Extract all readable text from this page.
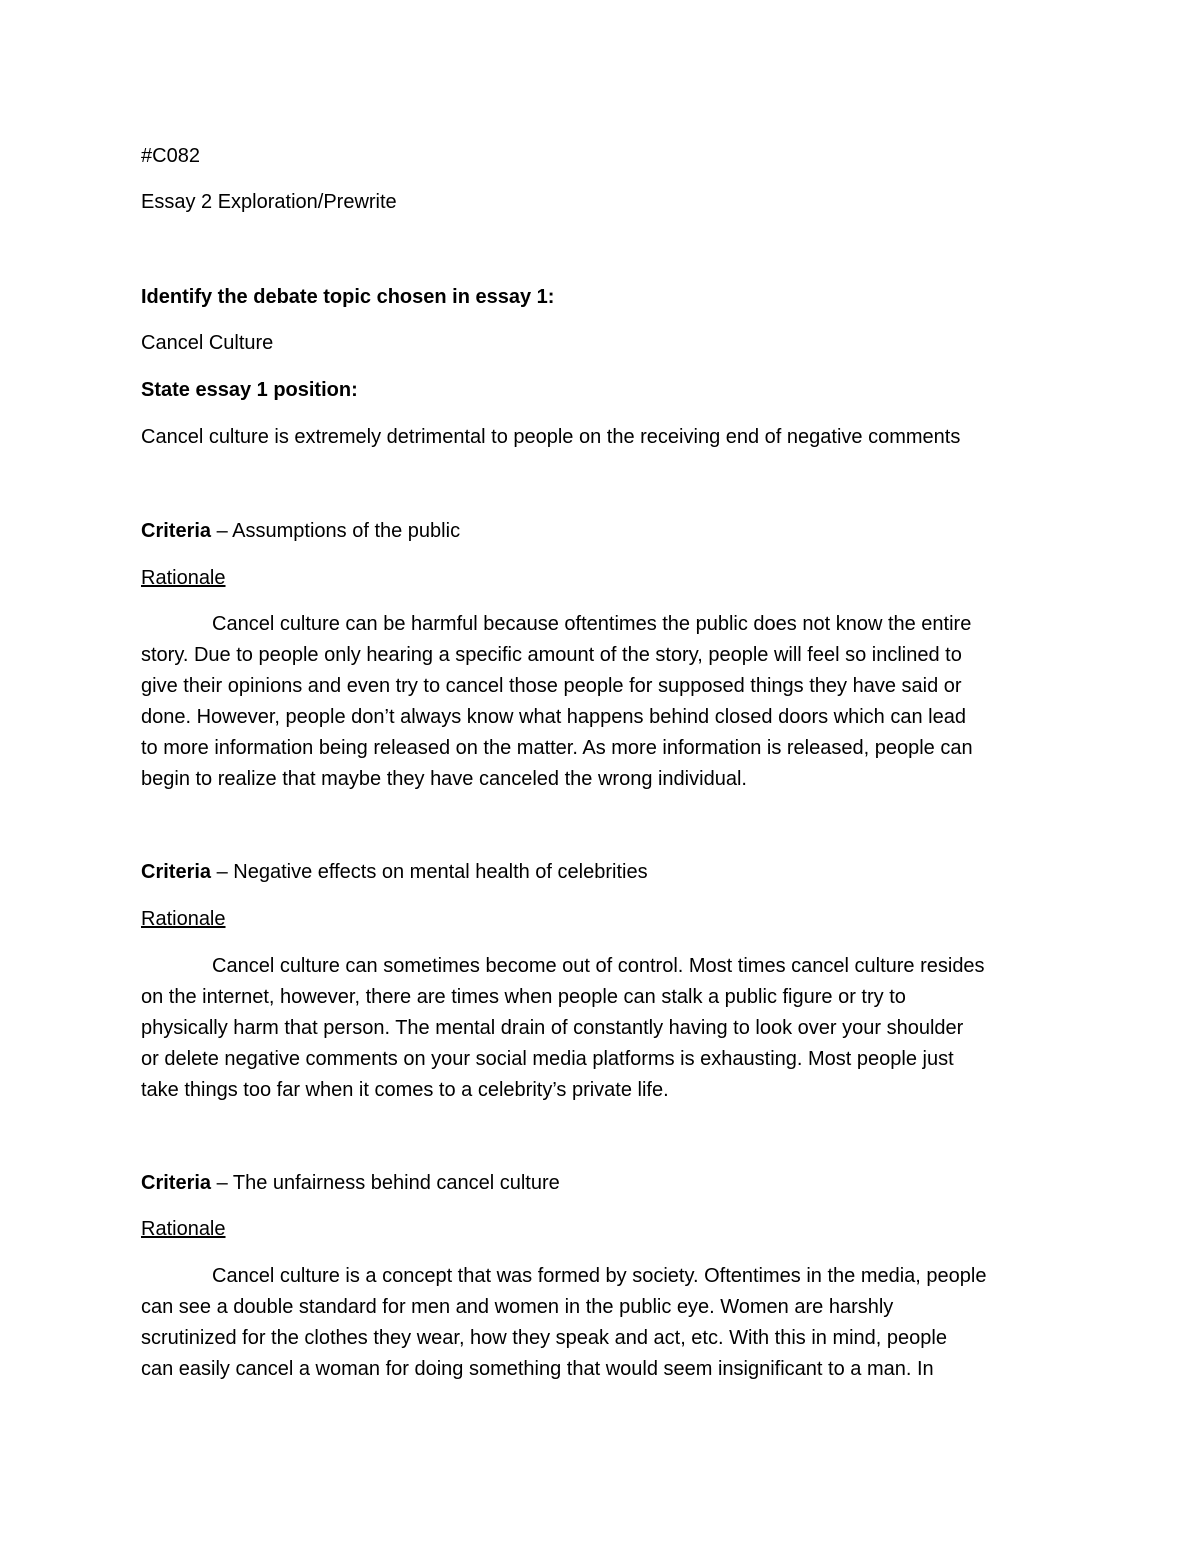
#C082
Essay 2 Exploration/Prewrite
Identify the debate topic chosen in essay 1:
Cancel Culture
State essay 1 position:
Cancel culture is extremely detrimental to people on the receiving end of negative comments
Criteria – Assumptions of the public
Rationale

Cancel culture can be harmful because oftentimes the public does not know the entire

story. Due to people only hearing a specific amount of the story, people will feel so inclined to

give their opinions and even try to cancel those people for supposed things they have said or

done. However, people don’t always know what happens behind closed doors which can lead

to more information being released on the matter. As more information is released, people can

begin to realize that maybe they have canceled the wrong individual.

Criteria – Negative effects on mental health of celebrities
Rationale

Cancel culture can sometimes become out of control. Most times cancel culture resides

on the internet, however, there are times when people can stalk a public figure or try to

physically harm that person. The mental drain of constantly having to look over your shoulder

or delete negative comments on your social media platforms is exhausting. Most people just

take things too far when it comes to a celebrity’s private life.

Criteria – The unfairness behind cancel culture
Rationale

Cancel culture is a concept that was formed by society. Oftentimes in the media, people

can see a double standard for men and women in the public eye. Women are harshly

scrutinized for the clothes they wear, how they speak and act, etc. With this in mind, people

can easily cancel a woman for doing something that would seem insignificant to a man. In
